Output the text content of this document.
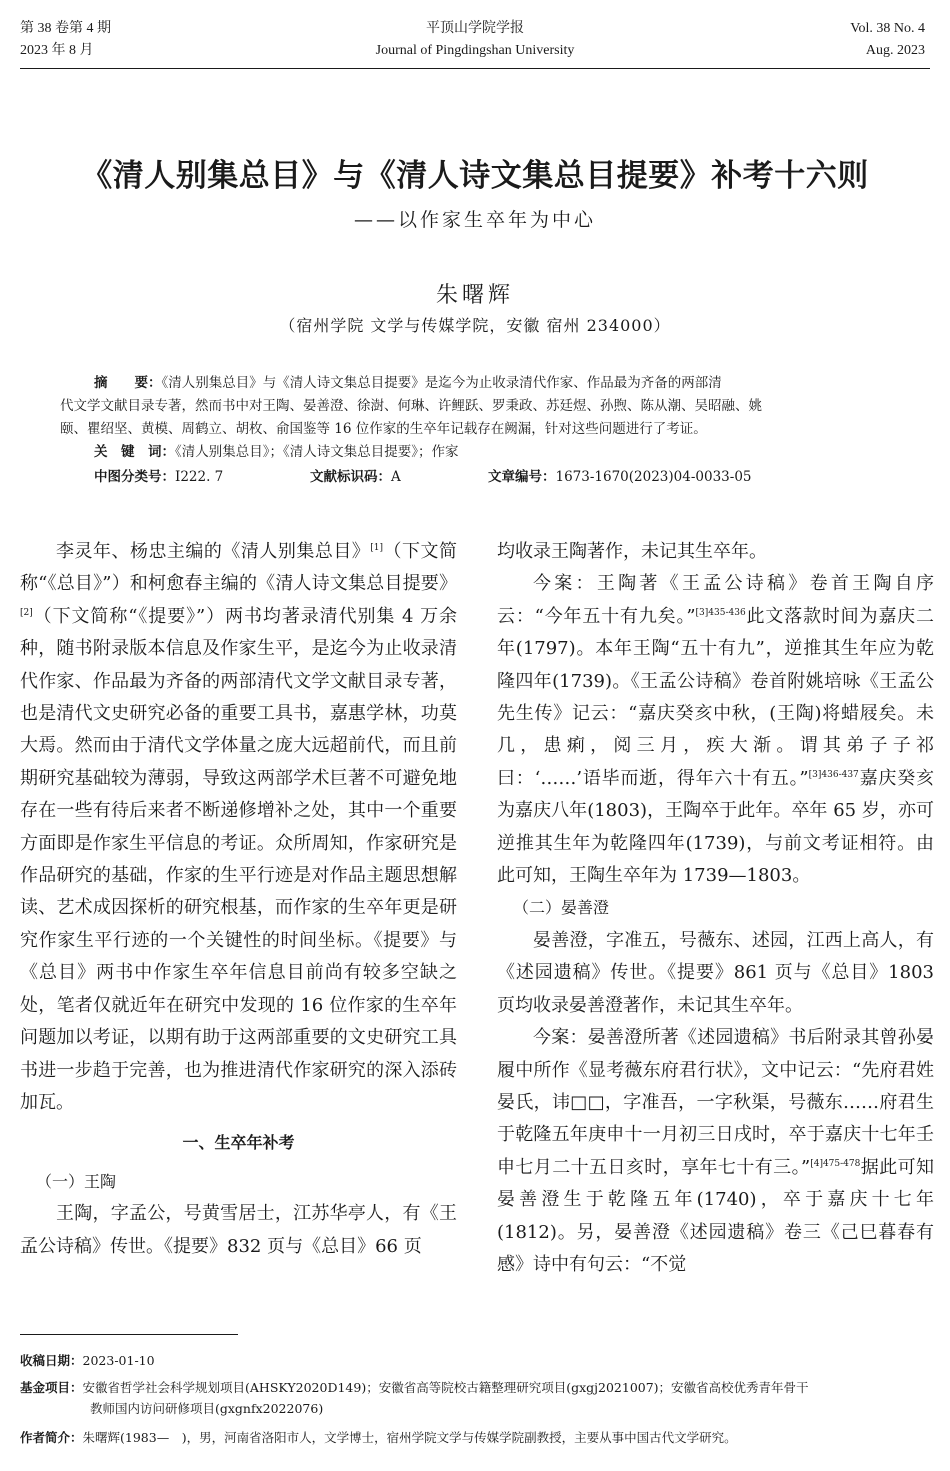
第 38 卷第 4 期
2023 年 8 月
平顶山学院学报
Journal of Pingdingshan University
Vol. 38 No. 4
Aug. 2023
《清人别集总目》与《清人诗文集总目提要》补考十六则
——以作家生卒年为中心
朱曙辉
（宿州学院 文学与传媒学院，安徽 宿州 234000）

摘　　要：《清人别集总目》与《清人诗文集总目提要》是迄今为止收录清代作家、作品最为齐备的两部清

代文学文献目录专著，然而书中对王陶、晏善澄、徐澍、何琳、许鲤跃、罗秉政、苏廷煜、孙煦、陈从潮、吴昭融、姚

颐、瞿绍坚、黄模、周鹤立、胡枚、俞国鉴等 16 位作家的生卒年记载存在阙漏，针对这些问题进行了考证。

关　键　词：《清人别集总目》；《清人诗文集总目提要》；作家

中图分类号：I222. 7	文献标识码：A	文章编号：1673-1670(2023)04-0033-05

李灵年、杨忠主编的《清人别集总目》[1]（下文简称“《总目》”）和柯愈春主编的《清人诗文集总目提要》[2]（下文简称“《提要》”）两书均著录清代别集 4 万余种，随书附录版本信息及作家生平，是迄今为止收录清代作家、作品最为齐备的两部清代文学文献目录专著，也是清代文史研究必备的重要工具书，嘉惠学林，功莫大焉。然而由于清代文学体量之庞大远超前代，而且前期研究基础较为薄弱，导致这两部学术巨著不可避免地存在一些有待后来者不断递修增补之处，其中一个重要方面即是作家生平信息的考证。众所周知，作家研究是作品研究的基础，作家的生平行迹是对作品主题思想解读、艺术成因探析的研究根基，而作家的生卒年更是研究作家生平行迹的一个关键性的时间坐标。《提要》与《总目》两书中作家生卒年信息目前尚有较多空缺之处，笔者仅就近年在研究中发现的 16 位作家的生卒年问题加以考证，以期有助于这两部重要的文史研究工具书进一步趋于完善，也为推进清代作家研究的深入添砖加瓦。

一、生卒年补考

（一）王陶

王陶，字孟公，号黄雪居士，江苏华亭人，有《王孟公诗稿》传世。《提要》832 页与《总目》66 页

均收录王陶著作，未记其生卒年。

今案：王陶著《王孟公诗稿》卷首王陶自序云：“今年五十有九矣。”$^{[3]435-436}$此文落款时间为嘉庆二年(1797)。本年王陶“五十有九”，逆推其生年应为乾隆四年(1739)。《王孟公诗稿》卷首附姚培咏《王孟公先生传》记云：“嘉庆癸亥中秋，(王陶)将蜡屐矣。未几，患痢，阅三月，疾大渐。谓其弟子子祁曰：‘……’语毕而逝，得年六十有五。”$^{[3]436-437}$嘉庆癸亥为嘉庆八年(1803)，王陶卒于此年。卒年 65 岁，亦可逆推其生年为乾隆四年(1739)，与前文考证相符。由此可知，王陶生卒年为 1739—1803。

（二）晏善澄

晏善澄，字准五，号薇东、述园，江西上高人，有《述园遗稿》传世。《提要》861 页与《总目》1803 页均收录晏善澄著作，未记其生卒年。

今案：晏善澄所著《述园遗稿》书后附录其曾孙晏履中所作《显考薇东府君行状》，文中记云：“先府君姓晏氏，讳□□，字准吾，一字秋渠，号薇东……府君生于乾隆五年庚申十一月初三日戌时，卒于嘉庆十七年壬申七月二十五日亥时，享年七十有三。”$^{[4]475-478}$据此可知晏善澄生于乾隆五年(1740)，卒于嘉庆十七年(1812)。另，晏善澄《述园遗稿》卷三《己巳暮春有感》诗中有句云：“不觉

收稿日期：2023-01-10
基金项目：安徽省哲学社会科学规划项目(AHSKY2020D149)；安徽省高等院校古籍整理研究项目(gxgj2021007)；安徽省高校优秀青年骨干
教师国内访问研修项目(gxgnfx2022076)
作者简介：朱曙辉(1983—　)，男，河南省洛阳市人，文学博士，宿州学院文学与传媒学院副教授，主要从事中国古代文学研究。
